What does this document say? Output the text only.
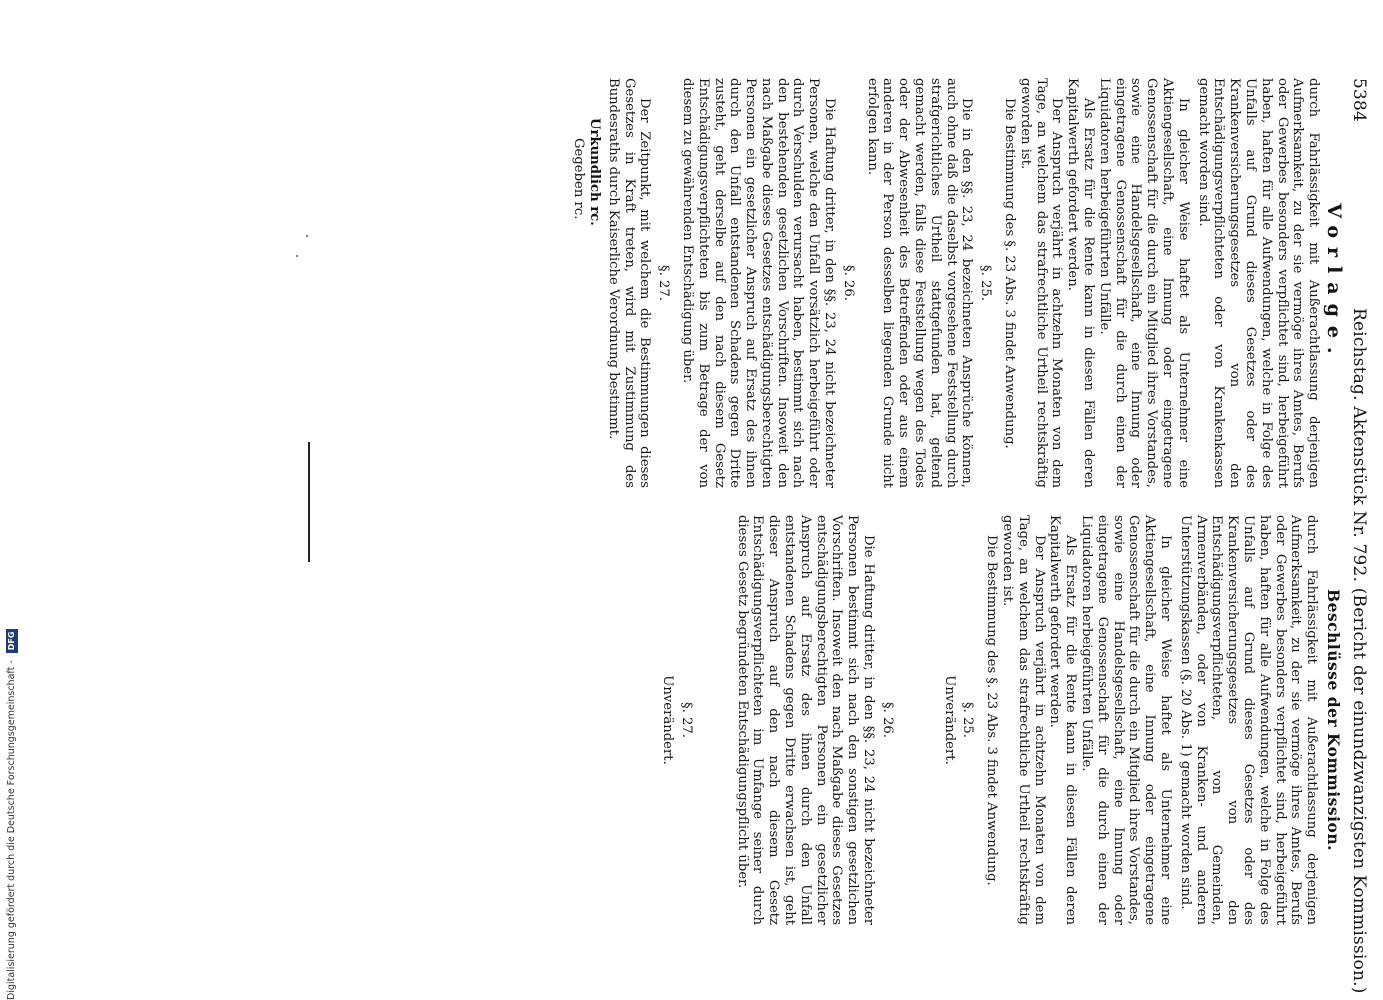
5384
Reichstag. Aktenstück Nr. 792. (Bericht der einundzwanzigsten Kommission.)
Vorlage.

durch Fahrlässigkeit mit Außerachtlassung derjenigen Aufmerksamkeit, zu der sie vermöge ihres Amtes, Berufs oder Gewerbes besonders verpflichtet sind, herbeigeführt haben, haften für alle Aufwendungen, welche in Folge des Unfalls auf Grund dieses Gesetzes oder des Krankenversicherungsgesetzes von den Entschädigungsverpflichteten oder von Krankenkassen gemacht worden sind.

In gleicher Weise haftet als Unternehmer eine Aktiengesellschaft, eine Innung oder eingetragene Genossenschaft für die durch ein Mitglied ihres Vorstandes, sowie eine Handelsgesellschaft, eine Innung oder eingetragene Genossenschaft für die durch einen der Liquidatoren herbeigeführten Unfälle.

Als Ersatz für die Rente kann in diesen Fällen deren Kapitalwerth gefordert werden.

Der Anspruch verjährt in achtzehn Monaten von dem Tage, an welchem das strafrechtliche Urtheil rechtskräftig geworden ist.

Die Bestimmung des §. 23 Abs. 3 findet Anwendung.

§. 25.

Die in den §§. 23, 24 bezeichneten Ansprüche können, auch ohne daß die daselbst vorgesehene Feststellung durch strafgerichtliches Urtheil stattgefunden hat, geltend gemacht werden, falls diese Feststellung wegen des Todes oder der Abwesenheit des Betreffenden oder aus einem anderen in der Person desselben liegenden Grunde nicht erfolgen kann.

§. 26.

Die Haftung dritter, in den §§. 23, 24 nicht bezeichneter Personen, welche den Unfall vorsätzlich herbeigeführt oder durch Verschulden verursacht haben, bestimmt sich nach den bestehenden gesetzlichen Vorschriften. Insoweit den nach Maßgabe dieses Gesetzes entschädigungsberechtigten Personen ein gesetzlicher Anspruch auf Ersatz des ihnen durch den Unfall entstandenen Schadens gegen Dritte zusteht, geht derselbe auf den nach diesem Gesetz Entschädigungsverpflichteten bis zum Betrage der von diesem zu gewährenden Entschädigung über.

§. 27.

Der Zeitpunkt, mit welchem die Bestimmungen dieses Gesetzes in Kraft treten, wird mit Zustimmung des Bundesraths durch Kaiserliche Verordnung bestimmt.

Urkundlich rc.

Gegeben rc.

Beschlüsse der Kommission.

durch Fahrlässigkeit mit Außerachtlassung derjenigen Aufmerksamkeit, zu der sie vermöge ihres Amtes, Berufs oder Gewerbes besonders verpflichtet sind, herbeigeführt haben, haften für alle Aufwendungen, welche in Folge des Unfalls auf Grund dieses Gesetzes oder des Krankenversicherungsgesetzes von den Entschädigungsverpflichteten, von Gemeinden, Armenverbänden, oder von Kranken- und anderen Unterstützungskassen (§. 20 Abs. 1) gemacht worden sind.

In gleicher Weise haftet als Unternehmer eine Aktiengesellschaft, eine Innung oder eingetragene Genossenschaft für die durch ein Mitglied ihres Vorstandes, sowie eine Handelsgesellschaft, eine Innung oder eingetragene Genossenschaft für die durch einen der Liquidatoren herbeigeführten Unfälle.

Als Ersatz für die Rente kann in diesen Fällen deren Kapitalwerth gefordert werden.

Der Anspruch verjährt in achtzehn Monaten von dem Tage, an welchem das strafrechtliche Urtheil rechtskräftig geworden ist.

Die Bestimmung des §. 23 Abs. 3 findet Anwendung.

§. 25.

Unverändert.

§. 26.

Die Haftung dritter, in den §§. 23, 24 nicht bezeichneter Personen bestimmt sich nach den sonstigen gesetzlichen Vorschriften. Insoweit den nach Maßgabe dieses Gesetzes entschädigungsberechtigten Personen ein gesetzlicher Anspruch auf Ersatz des ihnen durch den Unfall entstandenen Schadens gegen Dritte erwachsen ist, geht dieser Anspruch auf den nach diesem Gesetz Entschädigungsverpflichteten im Umfange seiner durch dieses Gesetz begründeten Entschädigungspflicht über.

§. 27.

Unverändert.

Digitalisierung gefördert durch die Deutsche Forschungsgemeinschaft - DFG
